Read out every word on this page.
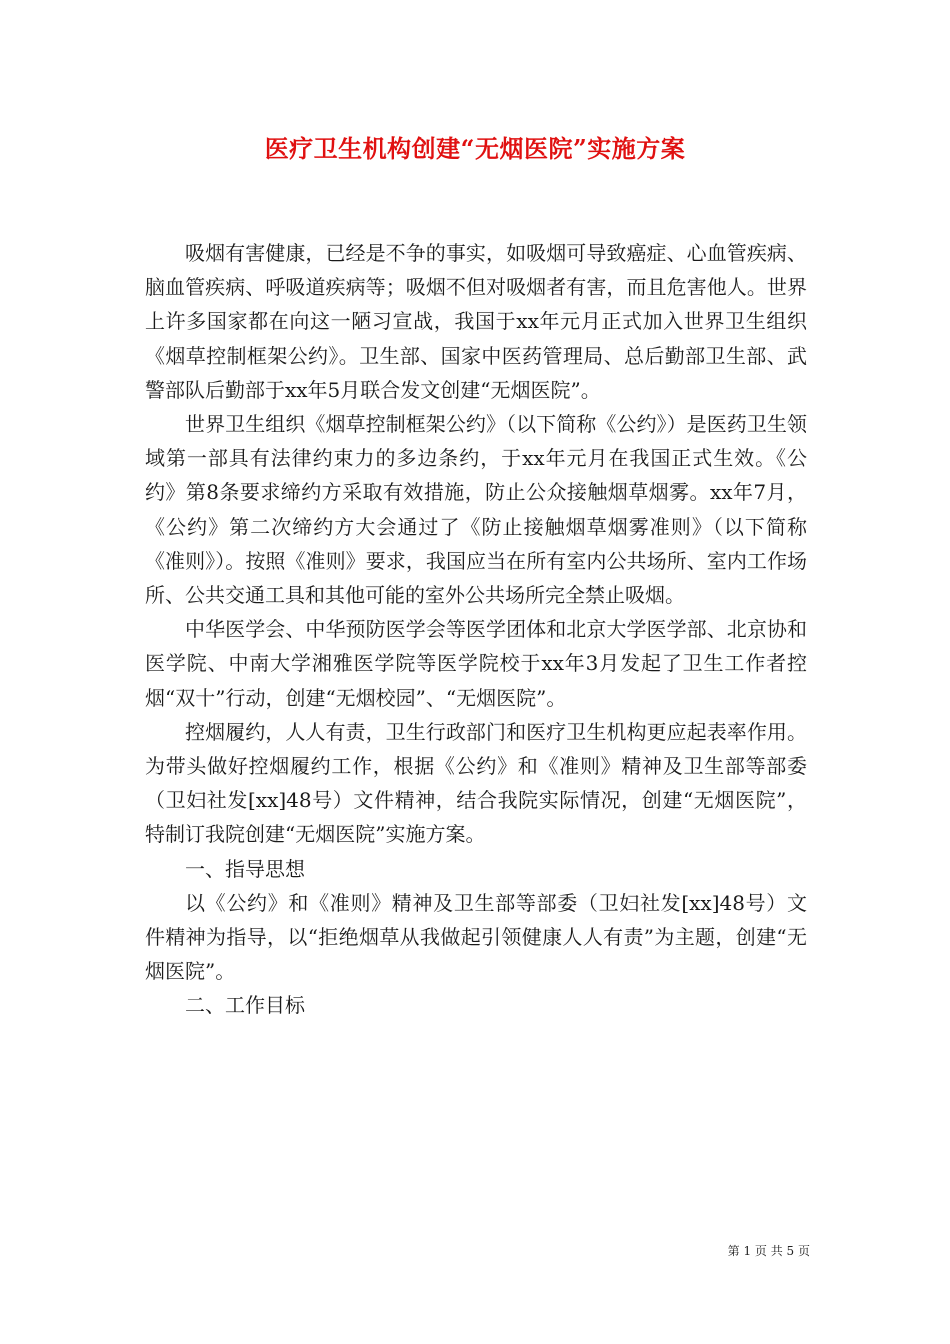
医疗卫生机构创建“无烟医院”实施方案

吸烟有害健康，已经是不争的事实，如吸烟可导致癌症、心血管疾病、脑血管疾病、呼吸道疾病等；吸烟不但对吸烟者有害，而且危害他人。世界上许多国家都在向这一陋习宣战，我国于xx年元月正式加入世界卫生组织《烟草控制框架公约》。卫生部、国家中医药管理局、总后勤部卫生部、武警部队后勤部于xx年5月联合发文创建“无烟医院”。

世界卫生组织《烟草控制框架公约》（以下简称《公约》）是医药卫生领域第一部具有法律约束力的多边条约，于xx年元月在我国正式生效。《公约》第8条要求缔约方采取有效措施，防止公众接触烟草烟雾。xx年7月，《公约》第二次缔约方大会通过了《防止接触烟草烟雾准则》（以下简称《准则》）。按照《准则》要求，我国应当在所有室内公共场所、室内工作场所、公共交通工具和其他可能的室外公共场所完全禁止吸烟。

中华医学会、中华预防医学会等医学团体和北京大学医学部、北京协和医学院、中南大学湘雅医学院等医学院校于xx年3月发起了卫生工作者控烟“双十”行动，创建“无烟校园”、“无烟医院”。

控烟履约，人人有责，卫生行政部门和医疗卫生机构更应起表率作用。为带头做好控烟履约工作，根据《公约》和《准则》精神及卫生部等部委（卫妇社发[xx]48号）文件精神，结合我院实际情况，创建“无烟医院”，特制订我院创建“无烟医院”实施方案。

一、指导思想

以《公约》和《准则》精神及卫生部等部委（卫妇社发[xx]48号）文件精神为指导，以“拒绝烟草从我做起引领健康人人有责”为主题，创建“无烟医院”。

二、工作目标

第 1 页 共 5 页
